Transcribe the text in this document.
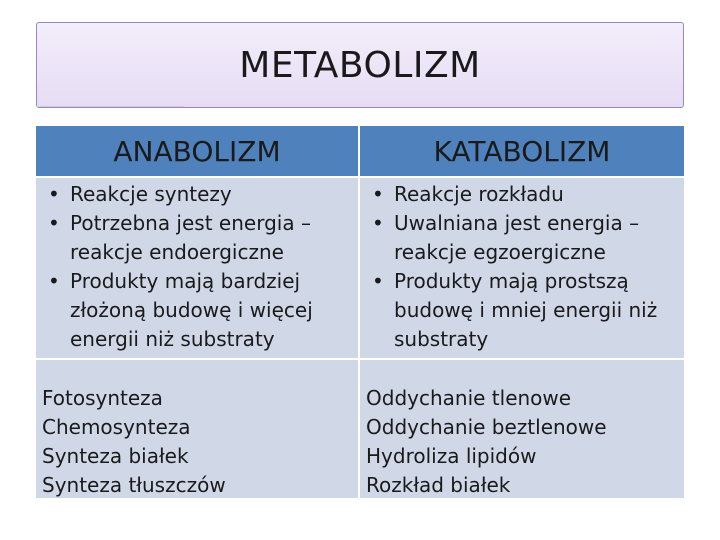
METABOLIZM
ANABOLIZM	KATABOLIZM
• Reakcje syntezy
• Potrzebna jest energia – reakcje endoergiczne
• Produkty mają bardziej złożoną budowę i więcej energii niż substraty
• Reakcje rozkładu
• Uwalniana jest energia – reakcje egzoergiczne
• Produkty mają prostszą budowę i mniej energii niż substraty
Fotosynteza
Chemosynteza
Synteza białek
Synteza tłuszczów
Oddychanie tlenowe
Oddychanie beztlenowe
Hydroliza lipidów
Rozkład białek
